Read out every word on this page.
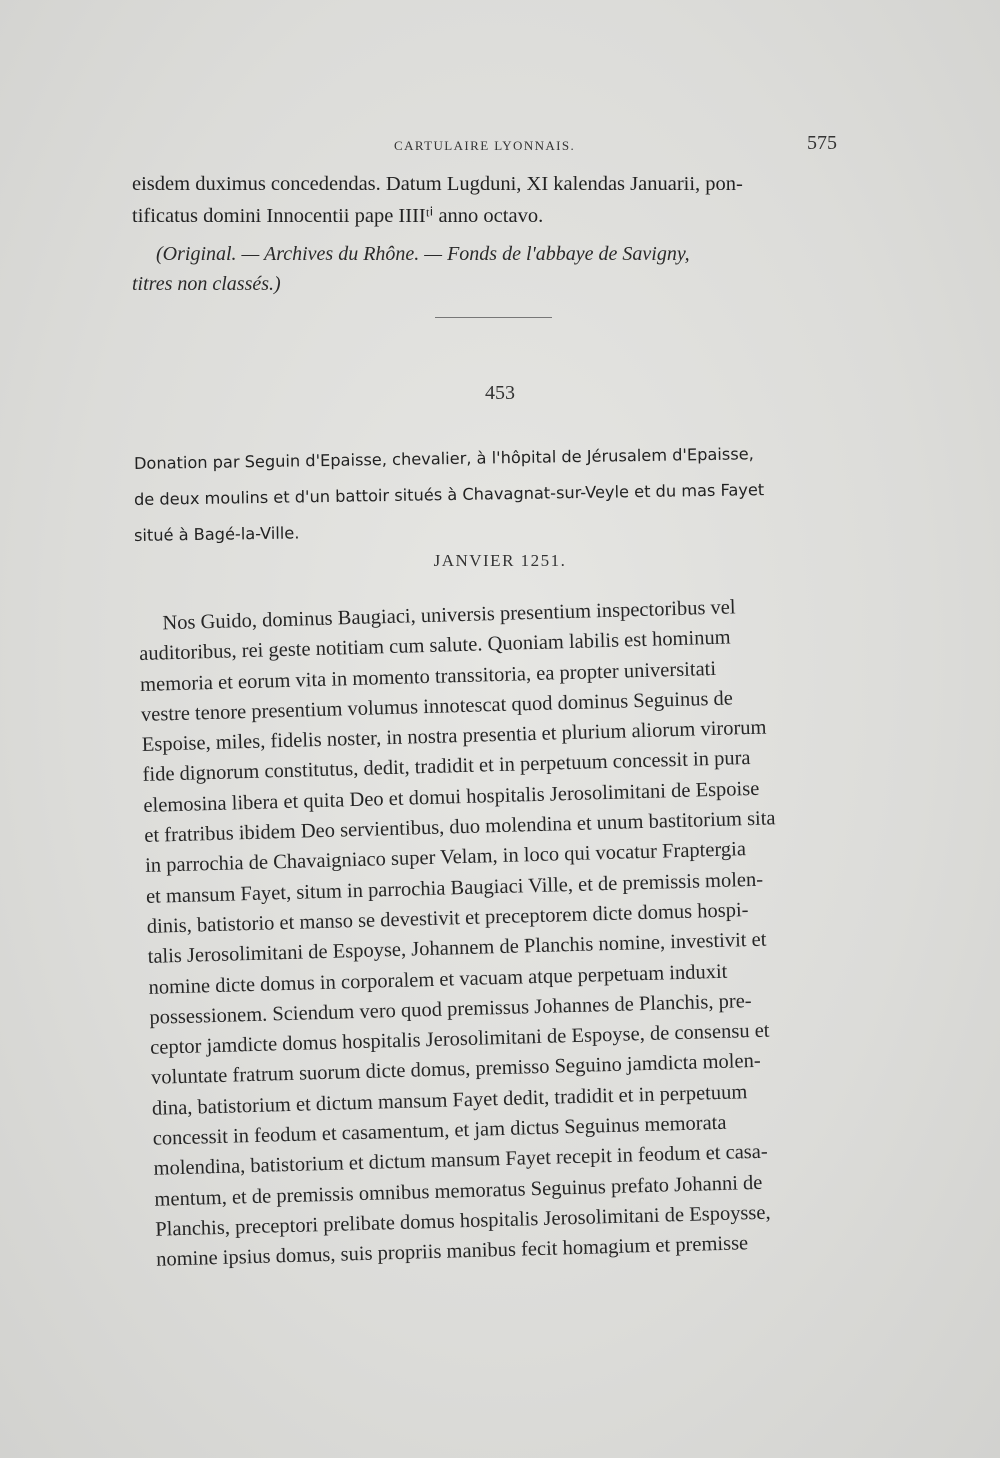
CARTULAIRE LYONNAIS.	575
eisdem duximus concedendas. Datum Lugduni, XI kalendas Januarii, pon-
tificatus domini Innocentii pape IIIIᵗⁱ anno octavo.
(Original. — Archives du Rhône. — Fonds de l'abbaye de Savigny,
titres non classés.)
453
Donation par Seguin d'Epaisse, chevalier, à l'hôpital de Jérusalem d'Epaisse,
de deux moulins et d'un battoir situés à Chavagnat-sur-Veyle et du mas Fayet
situé à Bagé-la-Ville.
JANVIER 1251.
Nos Guido, dominus Baugiaci, universis presentium inspectoribus vel
auditoribus, rei geste notitiam cum salute. Quoniam labilis est hominum
memoria et eorum vita in momento transsitoria, ea propter universitati
vestre tenore presentium volumus innotescat quod dominus Seguinus de
Espoise, miles, fidelis noster, in nostra presentia et plurium aliorum virorum
fide dignorum constitutus, dedit, tradidit et in perpetuum concessit in pura
elemosina libera et quita Deo et domui hospitalis Jerosolimitani de Espoise
et fratribus ibidem Deo servientibus, duo molendina et unum bastitorium sita
in parrochia de Chavaigniaco super Velam, in loco qui vocatur Fraptergia
et mansum Fayet, situm in parrochia Baugiaci Ville, et de premissis molen-
dinis, batistorio et manso se devestivit et preceptorem dicte domus hospi-
talis Jerosolimitani de Espoyse, Johannem de Planchis nomine, investivit et
nomine dicte domus in corporalem et vacuam atque perpetuam induxit
possessionem. Sciendum vero quod premissus Johannes de Planchis, pre-
ceptor jamdicte domus hospitalis Jerosolimitani de Espoyse, de consensu et
voluntate fratrum suorum dicte domus, premisso Seguino jamdicta molen-
dina, batistorium et dictum mansum Fayet dedit, tradidit et in perpetuum
concessit in feodum et casamentum, et jam dictus Seguinus memorata
molendina, batistorium et dictum mansum Fayet recepit in feodum et casa-
mentum, et de premissis omnibus memoratus Seguinus prefato Johanni de
Planchis, preceptori prelibate domus hospitalis Jerosolimitani de Espoysse,
nomine ipsius domus, suis propriis manibus fecit homagium et premisse
